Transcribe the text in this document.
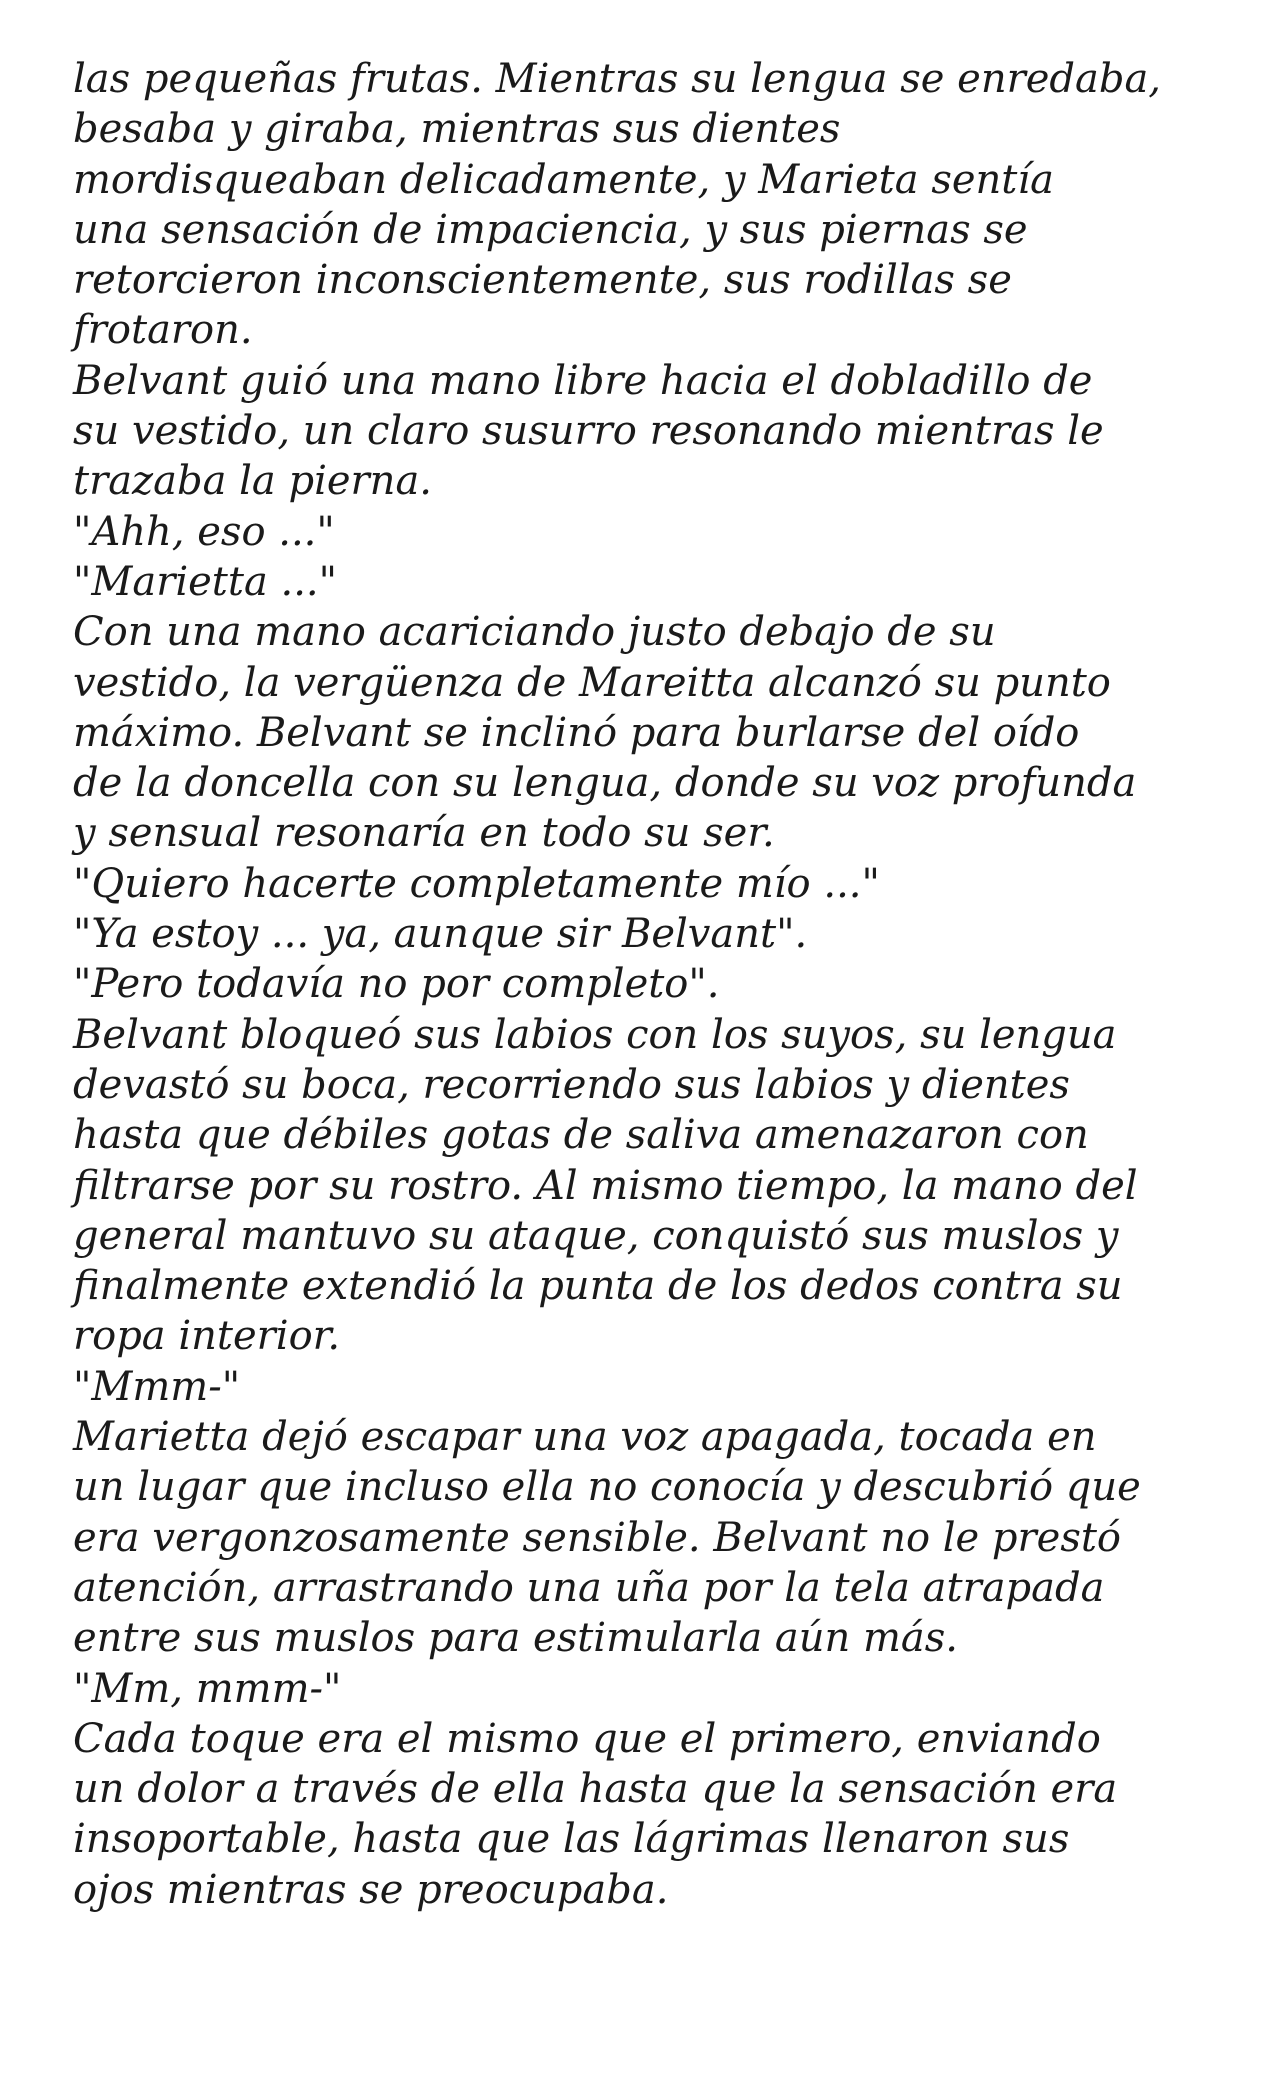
las pequeñas frutas. Mientras su lengua se enredaba,
besaba y giraba, mientras sus dientes
mordisqueaban delicadamente, y Marieta sentía
una sensación de impaciencia, y sus piernas se
retorcieron inconscientemente, sus rodillas se
frotaron.
Belvant guió una mano libre hacia el dobladillo de
su vestido, un claro susurro resonando mientras le
trazaba la pierna.
"Ahh, eso ..."
"Marietta ..."
Con una mano acariciando justo debajo de su
vestido, la vergüenza de Mareitta alcanzó su punto
máximo. Belvant se inclinó para burlarse del oído
de la doncella con su lengua, donde su voz profunda
y sensual resonaría en todo su ser.
"Quiero hacerte completamente mío ..."
"Ya estoy ... ya, aunque sir Belvant".
"Pero todavía no por completo".
Belvant bloqueó sus labios con los suyos, su lengua
devastó su boca, recorriendo sus labios y dientes
hasta que débiles gotas de saliva amenazaron con
filtrarse por su rostro. Al mismo tiempo, la mano del
general mantuvo su ataque, conquistó sus muslos y
finalmente extendió la punta de los dedos contra su
ropa interior.
"Mmm-"
Marietta dejó escapar una voz apagada, tocada en
un lugar que incluso ella no conocía y descubrió que
era vergonzosamente sensible. Belvant no le prestó
atención, arrastrando una uña por la tela atrapada
entre sus muslos para estimularla aún más.
"Mm, mmm-"
Cada toque era el mismo que el primero, enviando
un dolor a través de ella hasta que la sensación era
insoportable, hasta que las lágrimas llenaron sus
ojos mientras se preocupaba.
